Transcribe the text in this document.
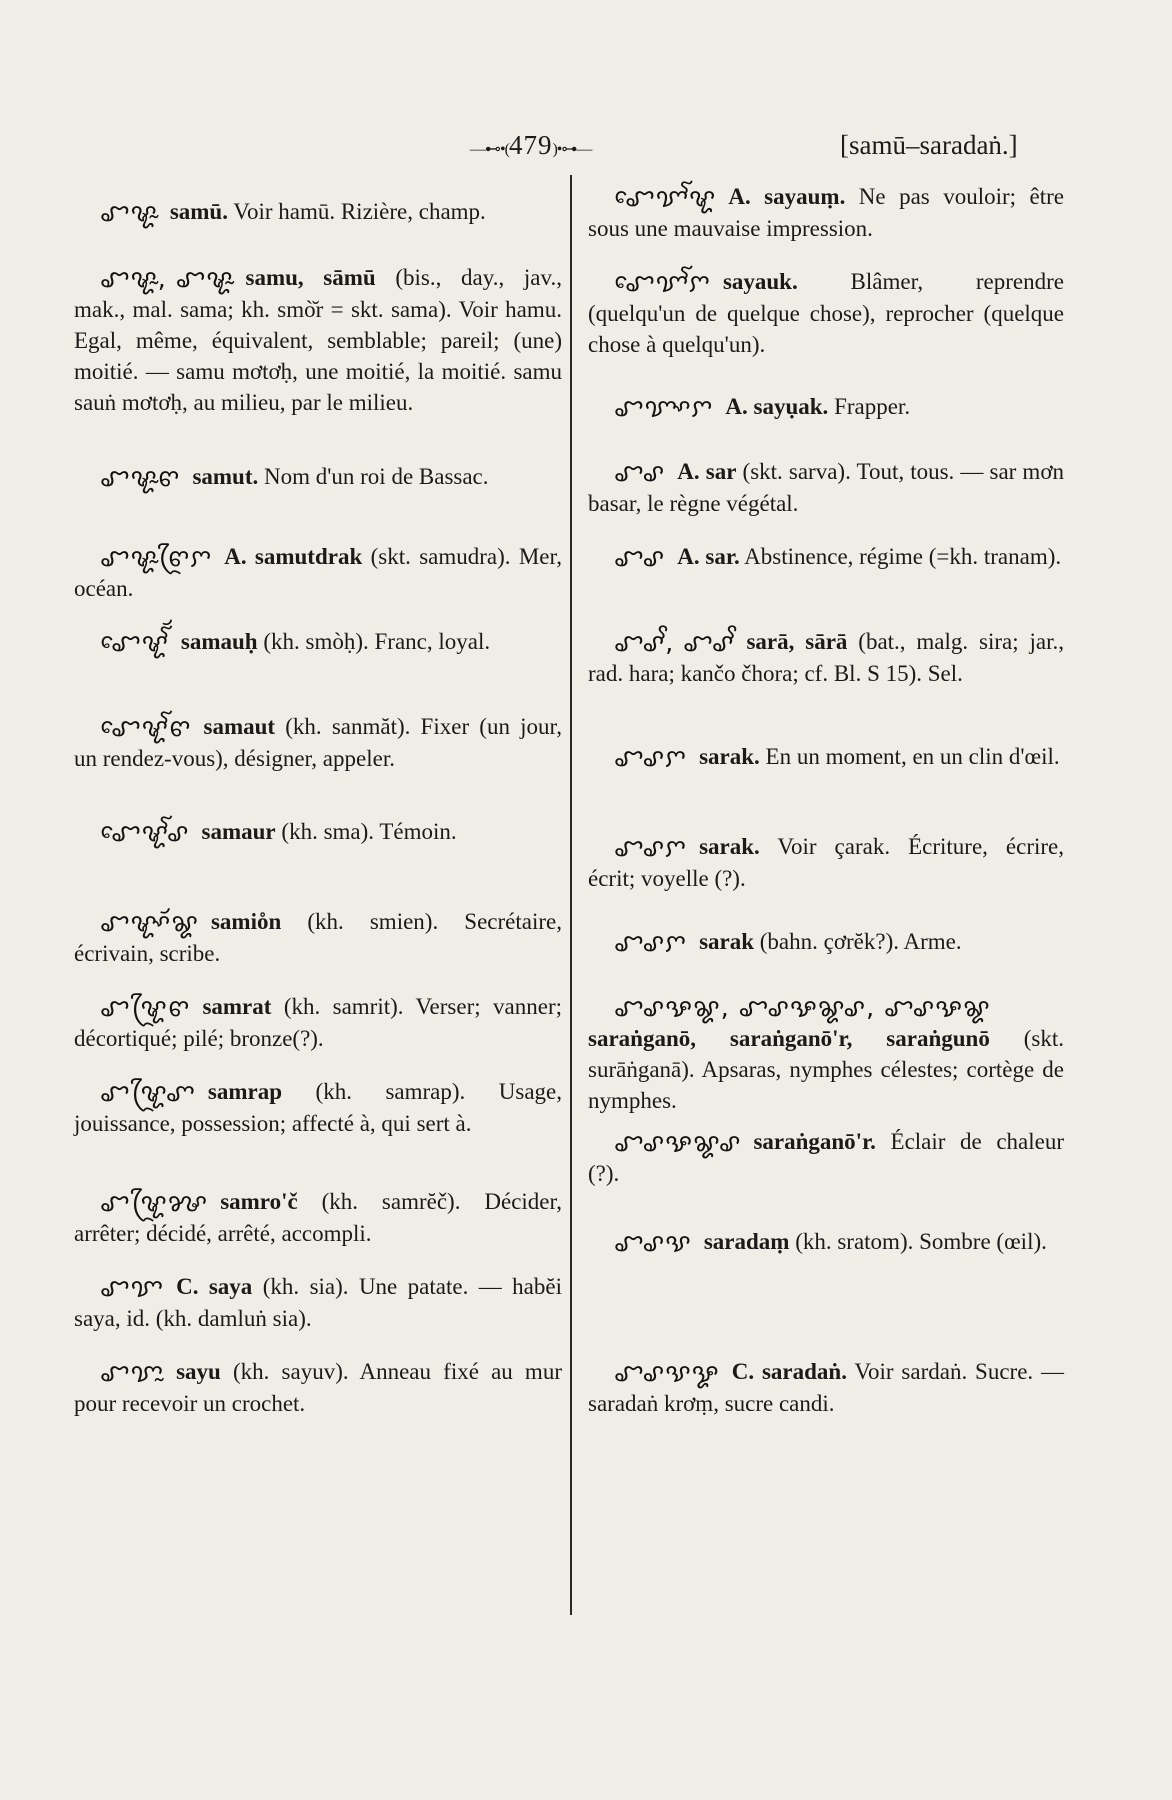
—⊷•(479)•⊶—	[samū–saradaṅ.]
ꨧꨠꨭ samū. Voir hamū. Rizière, champ.
ꨧꨠꨭ, ꨧꨠꨭ samu, sāmū (bis., day., jav., mak., mal. sama; kh. smò̆r = skt. sama). Voir hamu. Egal, même, équivalent, semblable; pareil; (une) moitié. — samu mơtơḥ, une moitié, la moitié. samu sauṅ mơtơḥ, au milieu, par le milieu.
ꨧꨠꨭꨓ samut. Nom d'un roi de Bassac.
ꨧꨠꨭꨓꨴꨆ A. samutdrak (skt. samudra). Mer, océan.
ꨧꨯꨠꨱꨮ samauḥ (kh. smòḥ). Franc, loyal.
ꨧꨯꨠꨱꨓ samaut (kh. sanmăt). Fixer (un jour, un rendez-vous), désigner, appeler.
ꨧꨯꨠꨱꨣ samaur (kh. sma). Témoin.
ꨧꨠꨳꨮꨘ samio̊n (kh. smien). Secrétaire, écrivain, scribe.
ꨧꨠꨴꨓ samrat (kh. samrit). Verser; vanner; décortiqué; pilé; bronze(?).
ꨧꨠꨴꨚ samrap (kh. samrap). Usage, jouissance, possession; affecté à, qui sert à.
ꨧꨠꨴꨍ samro'č (kh. samrĕč). Décider, arrêter; décidé, arrêté, accompli.
ꨧꨢ C. saya (kh. sia). Une patate. — habĕi saya, id. (kh. damluṅ sia).
ꨧꨢꨭ sayu (kh. sayuv). Anneau fixé au mur pour recevoir un crochet.
ꨧꨯꨢꨱꨠ A. sayauṃ. Ne pas vouloir; être sous une mauvaise impression.
ꨧꨯꨢꨱꨆ sayauk. Blâmer, reprendre (quelqu'un de quelque chose), reprocher (quelque chose à quelqu'un).
ꨧꨢꨳꨆ A. sayụak. Frapper.
ꨧꨣ A. sar (skt. sarva). Tout, tous. — sar mơn basar, le règne végétal.
ꨧꨣ A. sar. Abstinence, régime (=kh. tranam).
ꨧꨣꨩ, ꨧꨣꨩ sarā, sārā (bat., malg. sira; jar., rad. hara; kančo čhora; cf. Bl. S 15). Sel.
ꨧꨣꨆ sarak. En un moment, en un clin d'œil.
ꨧꨣꨆ sarak. Voir çarak. Écriture, écrire, écrit; voyelle (?).
ꨧꨣꨆ sarak (bahn. çơrĕk?). Arme.
ꨧꨣꨊꨘ, ꨧꨣꨊꨘꨣ, ꨧꨣꨊꨘsaraṅganō, saraṅganō'r, saraṅgunō (skt. surāṅganā). Apsaras, nymphes célestes; cortège de nymphes.
ꨧꨣꨊꨘꨣ saraṅganō'r. Éclair de chaleur (?).
ꨧꨣꨕ saradaṃ (kh. sratom). Sombre (œil).
ꨧꨣꨕꨋ C. saradaṅ. Voir sardaṅ. Sucre. — saradaṅ krơṃ, sucre candi.
